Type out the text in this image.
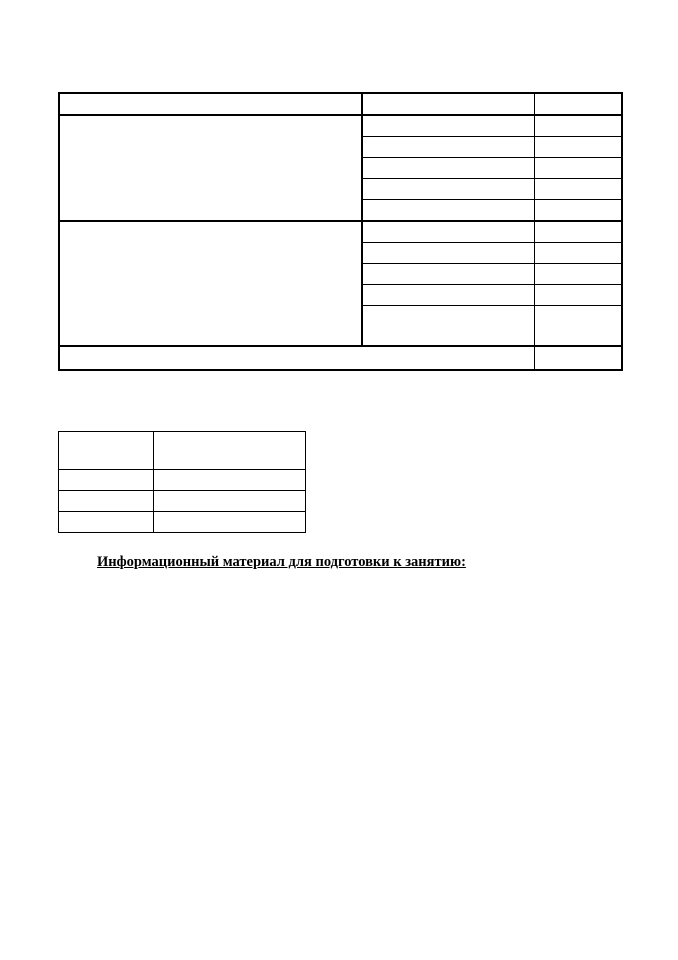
Информационный материал для подготовки к занятию:
